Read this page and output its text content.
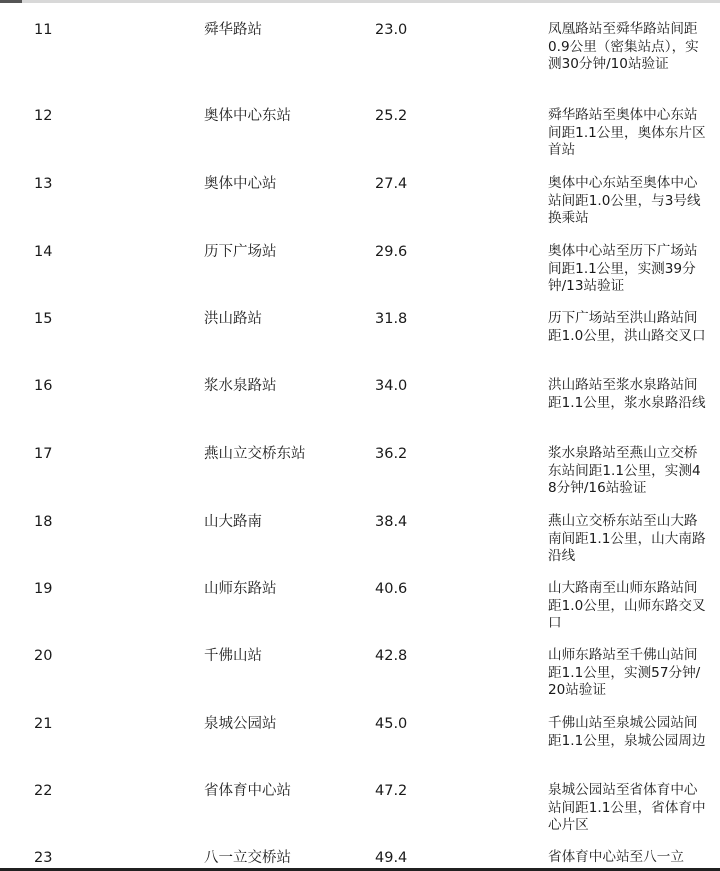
11	舜华路站	23.0	凤凰路站至舜华路站间距0.9公里（密集站点），实测30分钟/10站验证
12	奥体中心东站	25.2	舜华路站至奥体中心东站间距1.1公里，奥体东片区首站
13	奥体中心站	27.4	奥体中心东站至奥体中心站间距1.0公里，与3号线换乘站
14	历下广场站	29.6	奥体中心站至历下广场站间距1.1公里，实测39分钟/13站验证
15	洪山路站	31.8	历下广场站至洪山路站间距1.0公里，洪山路交叉口
16	浆水泉路站	34.0	洪山路站至浆水泉路站间距1.1公里，浆水泉路沿线
17	燕山立交桥东站	36.2	浆水泉路站至燕山立交桥东站间距1.1公里，实测48分钟/16站验证
18	山大路南	38.4	燕山立交桥东站至山大路南间距1.1公里，山大南路沿线
19	山师东路站	40.6	山大路南至山师东路站间距1.0公里，山师东路交叉口
20	千佛山站	42.8	山师东路站至千佛山站间距1.1公里，实测57分钟/20站验证
21	泉城公园站	45.0	千佛山站至泉城公园站间距1.1公里，泉城公园周边
22	省体育中心站	47.2	泉城公园站至省体育中心站间距1.1公里，省体育中心片区
23	八一立交桥站	49.4	省体育中心站至八一立
